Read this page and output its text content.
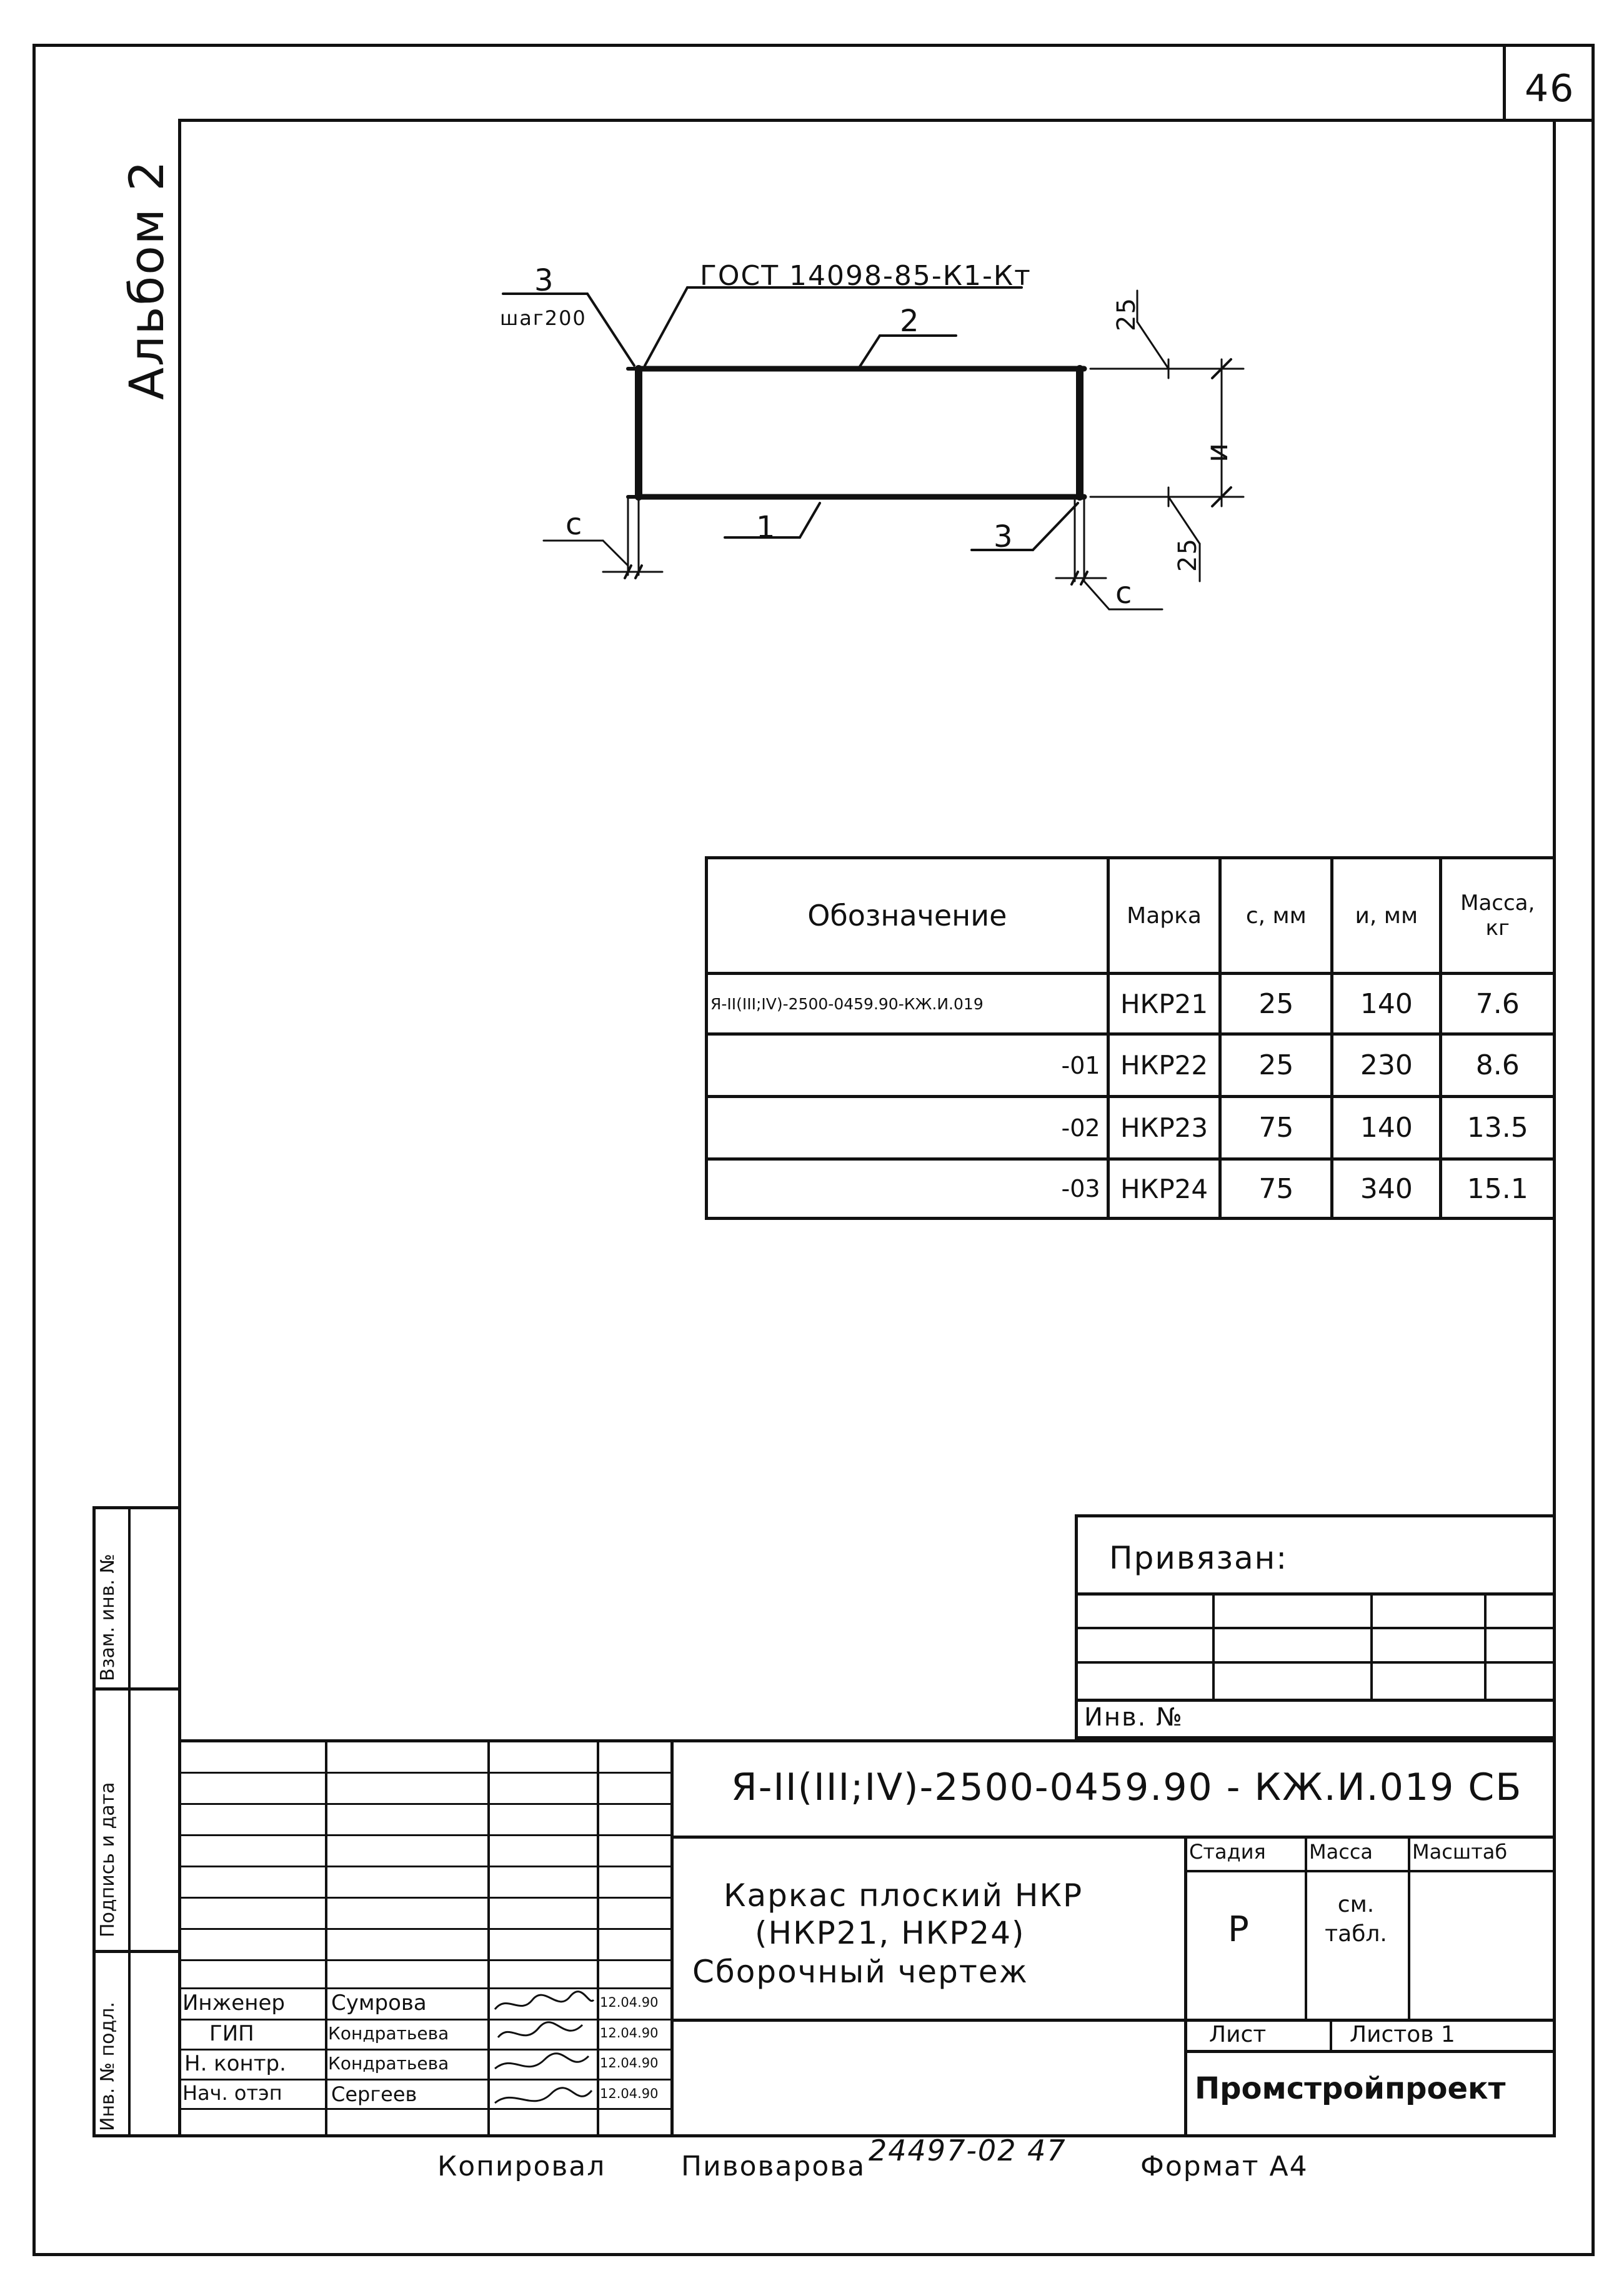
46
Альбом 2	ГОСТ 14098-85-К1-Кт
3
шаг200	2
1	3
25
25
и
с
с
Обозначение	Марка	с, мм	и, мм	Масса, кг
Я-II(III;IV)-2500-0459.90-КЖ.И.019	НКР21	25	140	7.6
-01	НКР22	25	230	8.6
-02	НКР23	75	140	13.5
-03	НКР24	75	340	15.1
Привязан:
Инв. №
Взам. инв. №
Подпись и дата
Инв. № подл.	Инженер Сумрова	12.04.90
ГИП	Кондратьева	12.04.90
Н. контр. Кондратьева	12.04.90
Нач. отэп Сергеев	12.04.90
Я-II(III;IV)-2500-0459.90 - КЖ.И.019 СБ
Каркас плоский НКР
(НКР21, НКР24)
Сборочный чертеж
Стадия Масса Масштаб
Р
см. табл.
Лист	Листов 1
Промстройпроект
Копировал	Пивоварова 24497-02 47	Формат А4
